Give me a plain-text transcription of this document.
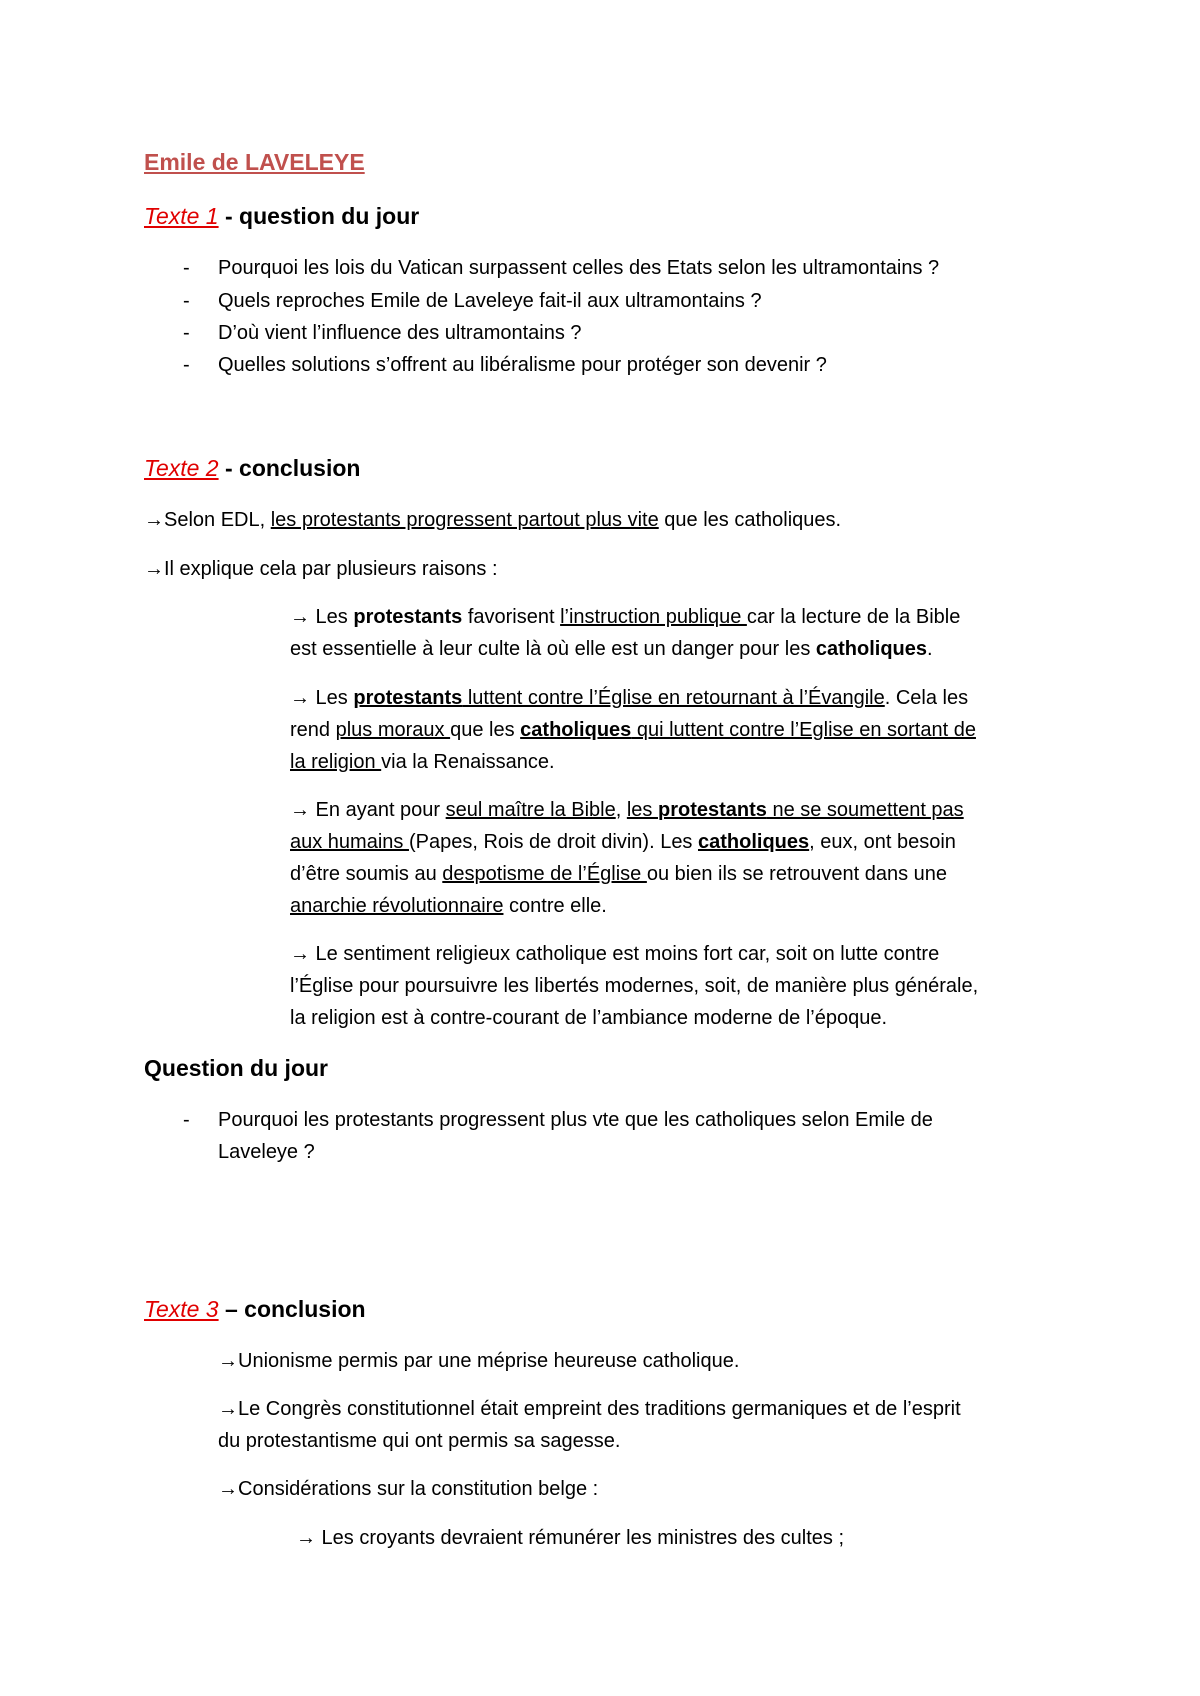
Emile de LAVELEYE
Texte 1 - question du jour
- Pourquoi les lois du Vatican surpassent celles des Etats selon les ultramontains ?
- Quels reproches Emile de Laveleye fait-il aux ultramontains ?
- D’où vient l’influence des ultramontains ?
- Quelles solutions s’offrent au libéralisme pour protéger son devenir ?
Texte 2 - conclusion
→Selon EDL, les protestants progressent partout plus vite que les catholiques.
→Il explique cela par plusieurs raisons :
→ Les protestants favorisent l’instruction publique car la lecture de la Bible
est essentielle à leur culte là où elle est un danger pour les catholiques.
→ Les protestants luttent contre l’Église en retournant à l’Évangile. Cela les
rend plus moraux que les catholiques qui luttent contre l’Eglise en sortant de
la religion via la Renaissance.
→ En ayant pour seul maître la Bible, les protestants ne se soumettent pas
aux humains (Papes, Rois de droit divin). Les catholiques, eux, ont besoin
d’être soumis au despotisme de l’Église ou bien ils se retrouvent dans une
anarchie révolutionnaire contre elle.
→ Le sentiment religieux catholique est moins fort car, soit on lutte contre
l’Église pour poursuivre les libertés modernes, soit, de manière plus générale,
la religion est à contre-courant de l’ambiance moderne de l’époque.
Question du jour
- Pourquoi les protestants progressent plus vte que les catholiques selon Emile de
Laveleye ?
Texte 3 – conclusion
→Unionisme permis par une méprise heureuse catholique.
→Le Congrès constitutionnel était empreint des traditions germaniques et de l’esprit
du protestantisme qui ont permis sa sagesse.
→Considérations sur la constitution belge :
→ Les croyants devraient rémunérer les ministres des cultes ;
